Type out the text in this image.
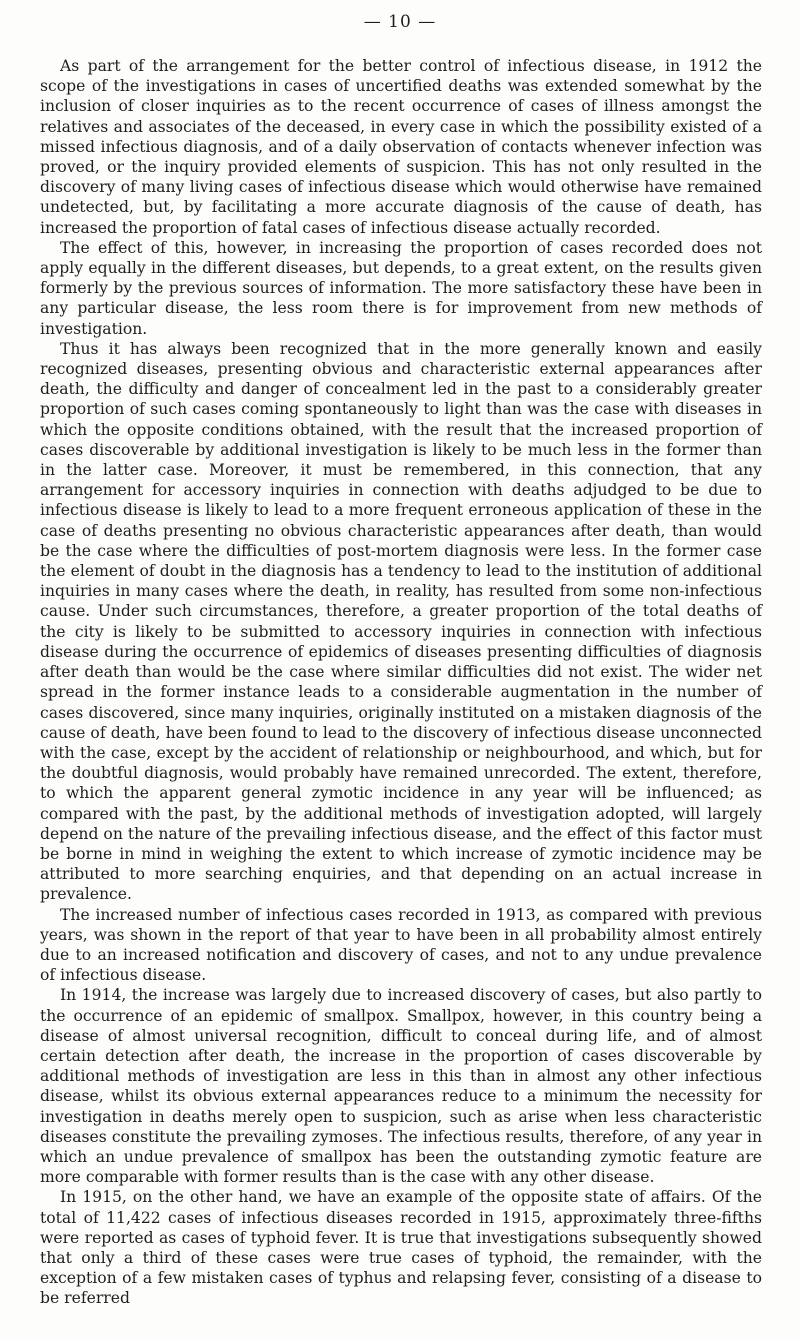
— 10 —

As part of the arrangement for the better control of infectious disease, in 1912 the scope of the investigations in cases of uncertified deaths was extended somewhat by the inclusion of closer inquiries as to the recent occurrence of cases of illness amongst the relatives and associates of the deceased, in every case in which the possibility existed of a missed infectious diagnosis, and of a daily observation of contacts whenever infection was proved, or the inquiry provided elements of suspicion. This has not only resulted in the discovery of many living cases of infectious disease which would otherwise have remained undetected, but, by facilitating a more accurate diagnosis of the cause of death, has increased the proportion of fatal cases of infectious disease actually recorded.

The effect of this, however, in increasing the proportion of cases recorded does not apply equally in the different diseases, but depends, to a great extent, on the results given formerly by the previous sources of information. The more satisfactory these have been in any particular disease, the less room there is for improvement from new methods of investigation.

Thus it has always been recognized that in the more generally known and easily recognized diseases, presenting obvious and characteristic external appearances after death, the difficulty and danger of concealment led in the past to a considerably greater proportion of such cases coming spontaneously to light than was the case with diseases in which the opposite conditions obtained, with the result that the increased proportion of cases discoverable by additional investigation is likely to be much less in the former than in the latter case. Moreover, it must be remembered, in this connection, that any arrangement for accessory inquiries in connection with deaths adjudged to be due to infectious disease is likely to lead to a more frequent erroneous application of these in the case of deaths presenting no obvious characteristic appearances after death, than would be the case where the difficulties of post-mortem diagnosis were less. In the former case the element of doubt in the diagnosis has a tendency to lead to the institution of additional inquiries in many cases where the death, in reality, has resulted from some non-infectious cause. Under such circumstances, therefore, a greater proportion of the total deaths of the city is likely to be submitted to accessory inquiries in connection with infectious disease during the occurrence of epidemics of diseases presenting difficulties of diagnosis after death than would be the case where similar difficulties did not exist. The wider net spread in the former instance leads to a considerable augmentation in the number of cases discovered, since many inquiries, originally instituted on a mistaken diagnosis of the cause of death, have been found to lead to the discovery of infectious disease unconnected with the case, except by the accident of relationship or neighbourhood, and which, but for the doubtful diagnosis, would probably have remained unrecorded. The extent, therefore, to which the apparent general zymotic incidence in any year will be influenced; as compared with the past, by the additional methods of investigation adopted, will largely depend on the nature of the prevailing infectious disease, and the effect of this factor must be borne in mind in weighing the extent to which increase of zymotic incidence may be attributed to more searching enquiries, and that depending on an actual increase in prevalence.

The increased number of infectious cases recorded in 1913, as compared with previous years, was shown in the report of that year to have been in all probability almost entirely due to an increased notification and discovery of cases, and not to any undue prevalence of infectious disease.

In 1914, the increase was largely due to increased discovery of cases, but also partly to the occurrence of an epidemic of smallpox. Smallpox, however, in this country being a disease of almost universal recognition, difficult to conceal during life, and of almost certain detection after death, the increase in the proportion of cases discoverable by additional methods of investigation are less in this than in almost any other infectious disease, whilst its obvious external appearances reduce to a minimum the necessity for investigation in deaths merely open to suspicion, such as arise when less characteristic diseases constitute the prevailing zymoses. The infectious results, therefore, of any year in which an undue prevalence of smallpox has been the outstanding zymotic feature are more comparable with former results than is the case with any other disease.

In 1915, on the other hand, we have an example of the opposite state of affairs. Of the total of 11,422 cases of infectious diseases recorded in 1915, approximately three-fifths were reported as cases of typhoid fever. It is true that investigations subsequently showed that only a third of these cases were true cases of typhoid, the remainder, with the exception of a few mistaken cases of typhus and relapsing fever, consisting of a disease to be referred
